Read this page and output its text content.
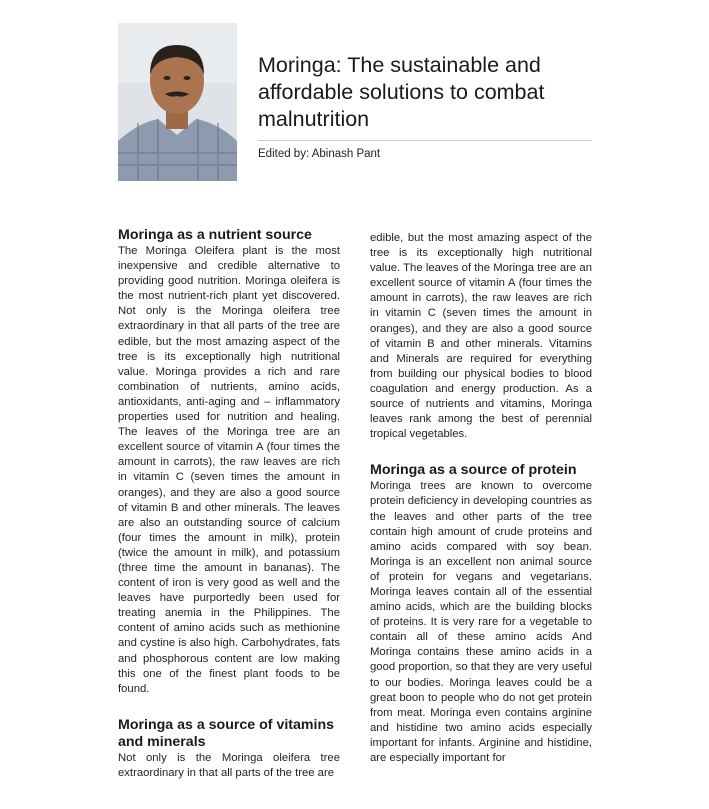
Moringa: The sustainable and affordable solutions to combat malnutrition
Edited by: Abinash Pant
Moringa as a nutrient source

The Moringa Oleifera plant is the most inexpensive and credible alternative to providing good nutrition. Moringa oleifera is the most nutrient-rich plant yet discovered. Not only is the Moringa oleifera tree extraordinary in that all parts of the tree are edible, but the most amazing aspect of the tree is its exceptionally high nutritional value. Moringa provides a rich and rare combination of nutrients, amino acids, antioxidants, anti-aging and – inflammatory properties used for nutrition and healing. The leaves of the Moringa tree are an excellent source of vitamin A (four times the amount in carrots), the raw leaves are rich in vitamin C (seven times the amount in oranges), and they are also a good source of vitamin B and other minerals. The leaves are also an outstanding source of calcium (four times the amount in milk), protein (twice the amount in milk), and potassium (three time the amount in bananas). The content of iron is very good as well and the leaves have purportedly been used for treating anemia in the Philippines. The content of amino acids such as methionine and cystine is also high. Carbohydrates, fats and phosphorous content are low making this one of the finest plant foods to be found.

Moringa as a source of vitamins and minerals

Not only is the Moringa oleifera tree extraordinary in that all parts of the tree are

edible, but the most amazing aspect of the tree is its exceptionally high nutritional value. The leaves of the Moringa tree are an excellent source of vitamin A (four times the amount in carrots), the raw leaves are rich in vitamin C (seven times the amount in oranges), and they are also a good source of vitamin B and other minerals. Vitamins and Minerals are required for everything from building our physical bodies to blood coagulation and energy production. As a source of nutrients and vitamins, Moringa leaves rank among the best of perennial tropical vegetables.

Moringa as a source of protein

Moringa trees are known to overcome protein deficiency in developing countries as the leaves and other parts of the tree contain high amount of crude proteins and amino acids compared with soy bean. Moringa is an excellent non animal source of protein for vegans and vegetarians. Moringa leaves contain all of the essential amino acids, which are the building blocks of proteins. It is very rare for a vegetable to contain all of these amino acids And Moringa contains these amino acids in a good proportion, so that they are very useful to our bodies. Moringa leaves could be a great boon to people who do not get protein from meat. Moringa even contains arginine and histidine two amino acids especially important for infants. Arginine and histidine, are especially important for
